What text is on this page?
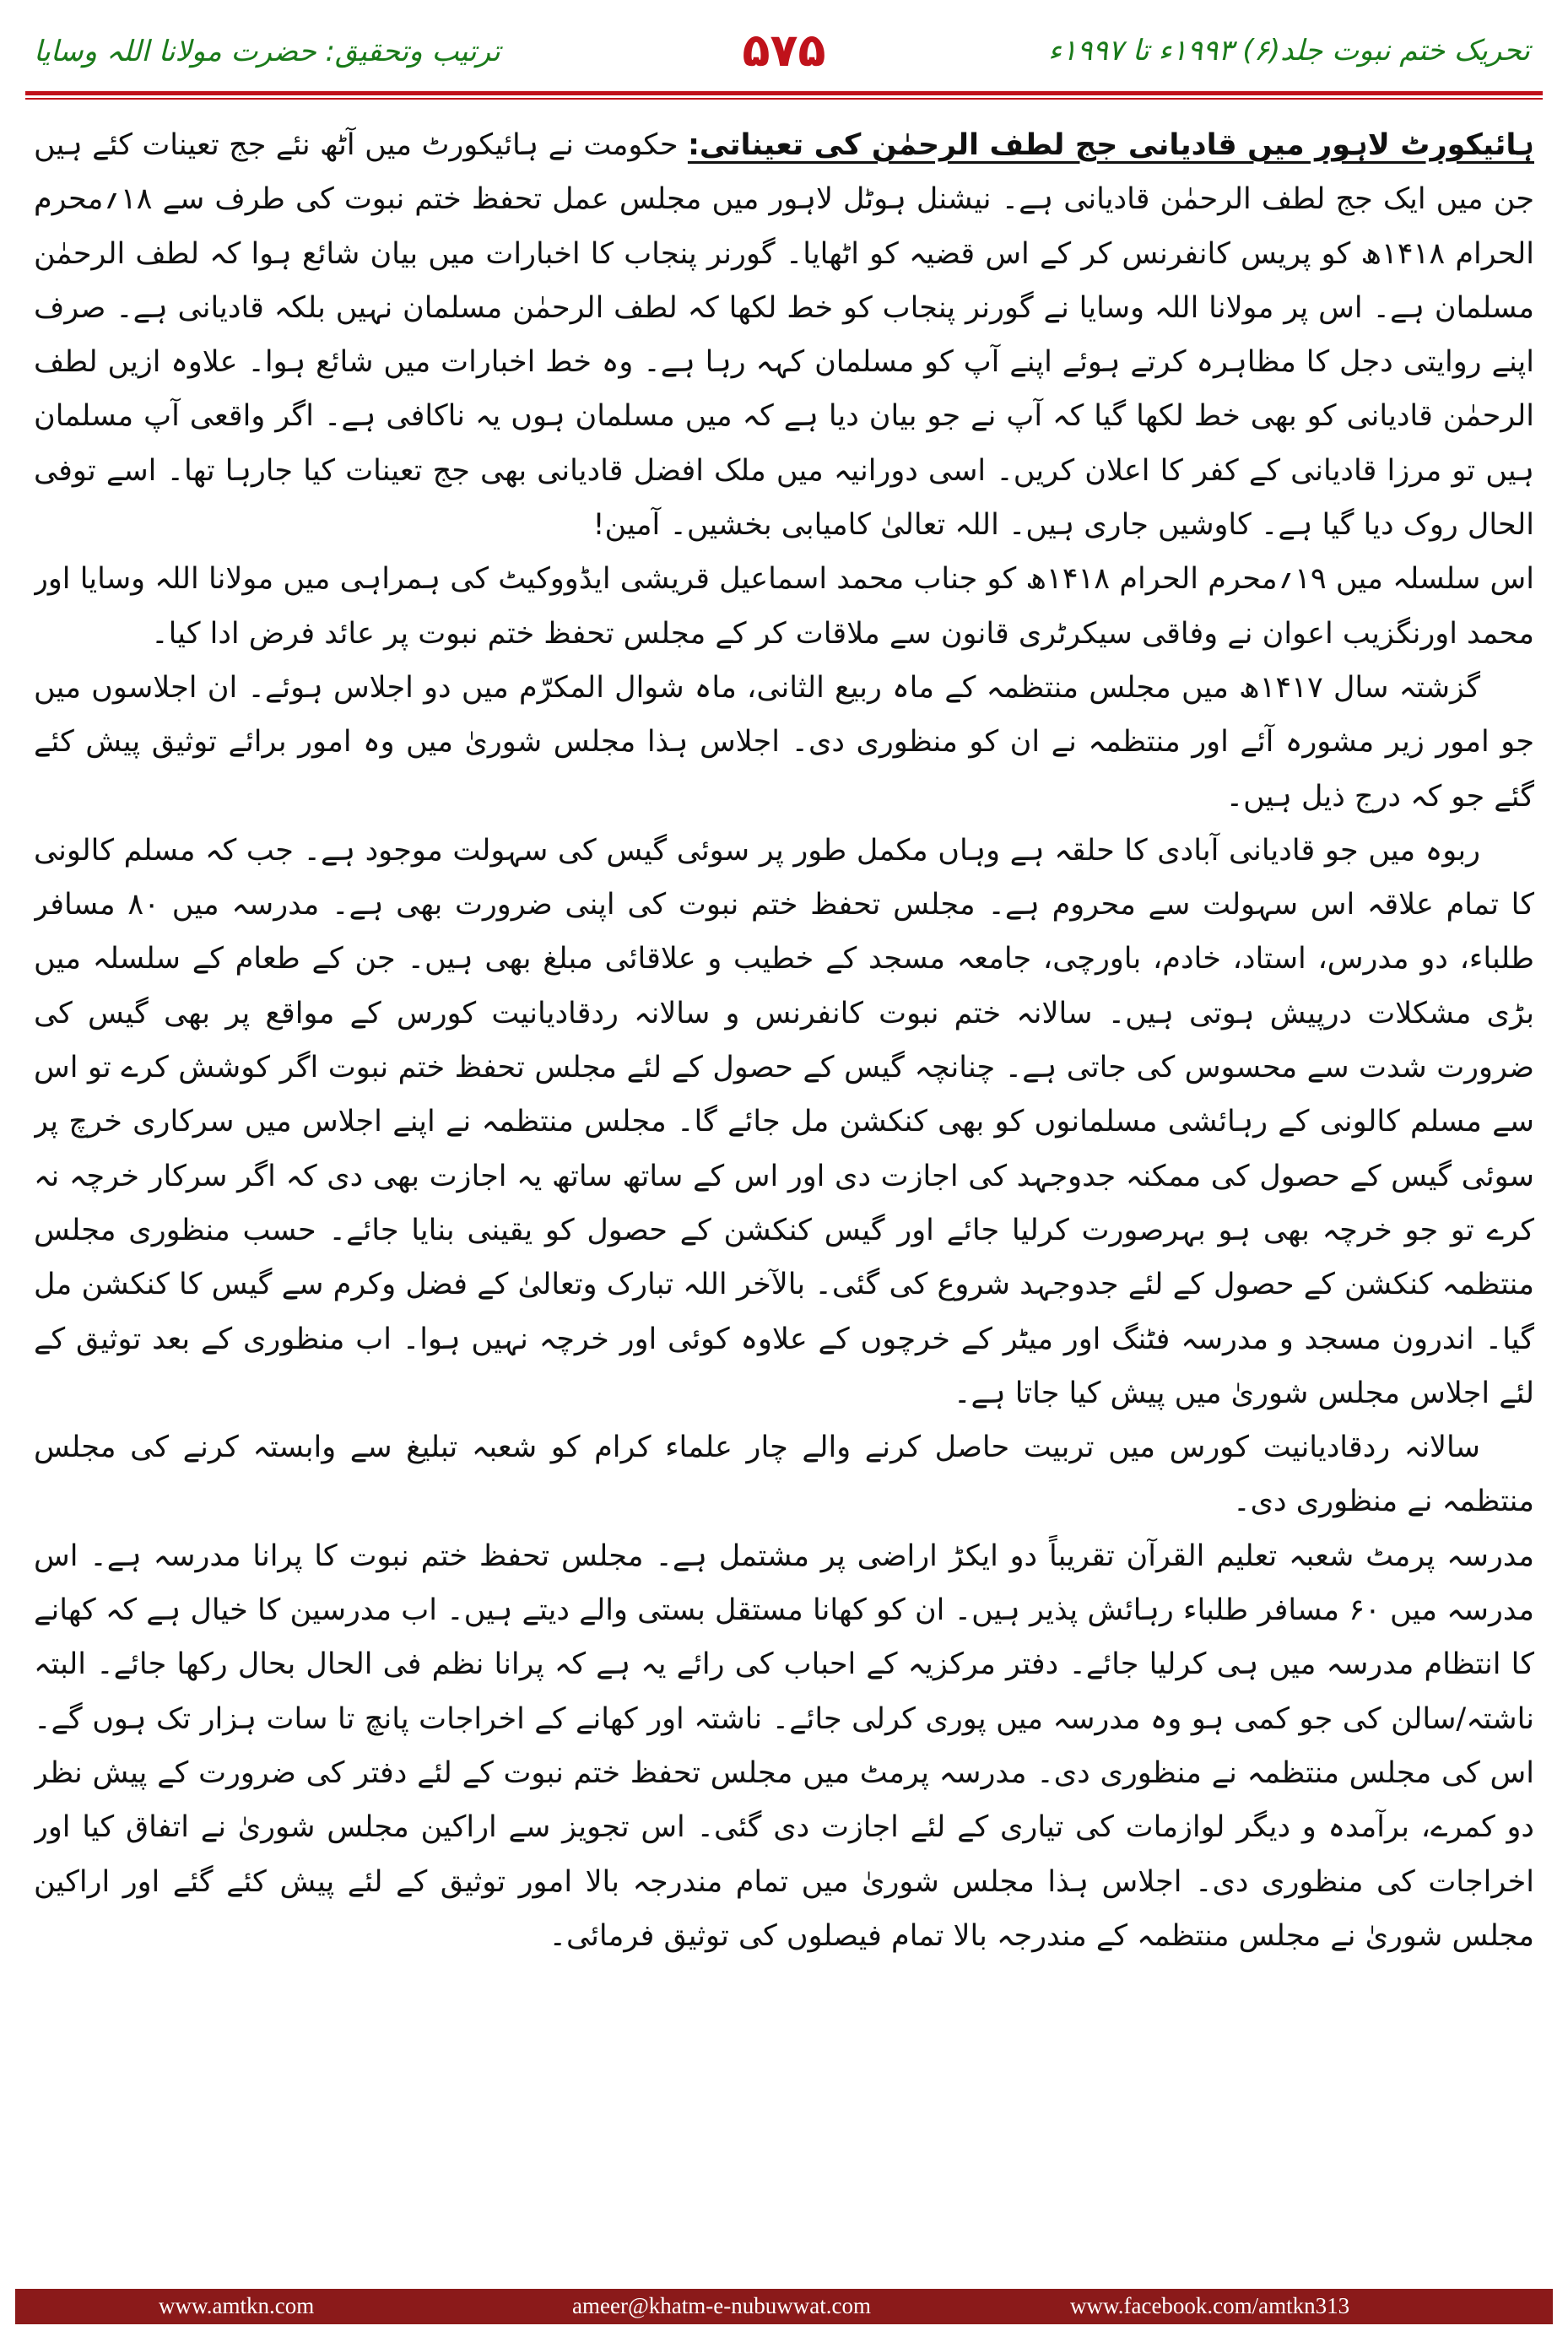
تحریک ختم نبوت جلد(۶) ۱۹۹۳ء تا ۱۹۹۷ء
۵۷۵
ترتیب وتحقیق: حضرت مولانا اللہ وسایا

ہائیکورٹ لاہور میں قادیانی جج لطف الرحمٰن کی تعیناتی: حکومت نے ہائیکورٹ میں آٹھ نئے جج تعینات کئے ہیں جن میں ایک جج لطف الرحمٰن قادیانی ہے۔ نیشنل ہوٹل لاہور میں مجلس عمل تحفظ ختم نبوت کی طرف سے ۱۸؍محرم الحرام ۱۴۱۸ھ کو پریس کانفرنس کر کے اس قضیہ کو اٹھایا۔ گورنر پنجاب کا اخبارات میں بیان شائع ہوا کہ لطف الرحمٰن مسلمان ہے۔ اس پر مولانا اللہ وسایا نے گورنر پنجاب کو خط لکھا کہ لطف الرحمٰن مسلمان نہیں بلکہ قادیانی ہے۔ صرف اپنے روایتی دجل کا مظاہرہ کرتے ہوئے اپنے آپ کو مسلمان کہہ رہا ہے۔ وہ خط اخبارات میں شائع ہوا۔ علاوہ ازیں لطف الرحمٰن قادیانی کو بھی خط لکھا گیا کہ آپ نے جو بیان دیا ہے کہ میں مسلمان ہوں یہ ناکافی ہے۔ اگر واقعی آپ مسلمان ہیں تو مرزا قادیانی کے کفر کا اعلان کریں۔ اسی دورانیہ میں ملک افضل قادیانی بھی جج تعینات کیا جارہا تھا۔ اسے توفی الحال روک دیا گیا ہے۔ کاوشیں جاری ہیں۔ اللہ تعالیٰ کامیابی بخشیں۔ آمین!

اس سلسلہ میں ۱۹؍محرم الحرام ۱۴۱۸ھ کو جناب محمد اسماعیل قریشی ایڈووکیٹ کی ہمراہی میں مولانا اللہ وسایا اور محمد اورنگزیب اعوان نے وفاقی سیکرٹری قانون سے ملاقات کر کے مجلس تحفظ ختم نبوت پر عائد فرض ادا کیا۔

گزشتہ سال ۱۴۱۷ھ میں مجلس منتظمہ کے ماہ ربیع الثانی، ماہ شوال المکرّم میں دو اجلاس ہوئے۔ ان اجلاسوں میں جو امور زیر مشورہ آئے اور منتظمہ نے ان کو منظوری دی۔ اجلاس ہذا مجلس شوریٰ میں وہ امور برائے توثیق پیش کئے گئے جو کہ درج ذیل ہیں۔

ربوہ میں جو قادیانی آبادی کا حلقہ ہے وہاں مکمل طور پر سوئی گیس کی سہولت موجود ہے۔ جب کہ مسلم کالونی کا تمام علاقہ اس سہولت سے محروم ہے۔ مجلس تحفظ ختم نبوت کی اپنی ضرورت بھی ہے۔ مدرسہ میں ۸۰ مسافر طلباء، دو مدرس، استاد، خادم، باورچی، جامعہ مسجد کے خطیب و علاقائی مبلغ بھی ہیں۔ جن کے طعام کے سلسلہ میں بڑی مشکلات درپیش ہوتی ہیں۔ سالانہ ختم نبوت کانفرنس و سالانہ ردقادیانیت کورس کے مواقع پر بھی گیس کی ضرورت شدت سے محسوس کی جاتی ہے۔ چنانچہ گیس کے حصول کے لئے مجلس تحفظ ختم نبوت اگر کوشش کرے تو اس سے مسلم کالونی کے رہائشی مسلمانوں کو بھی کنکشن مل جائے گا۔ مجلس منتظمہ نے اپنے اجلاس میں سرکاری خرچ پر سوئی گیس کے حصول کی ممکنہ جدوجہد کی اجازت دی اور اس کے ساتھ ساتھ یہ اجازت بھی دی کہ اگر سرکار خرچہ نہ کرے تو جو خرچہ بھی ہو بہرصورت کرلیا جائے اور گیس کنکشن کے حصول کو یقینی بنایا جائے۔ حسب منظوری مجلس منتظمہ کنکشن کے حصول کے لئے جدوجہد شروع کی گئی۔ بالآخر اللہ تبارک وتعالیٰ کے فضل وکرم سے گیس کا کنکشن مل گیا۔ اندرون مسجد و مدرسہ فٹنگ اور میٹر کے خرچوں کے علاوہ کوئی اور خرچہ نہیں ہوا۔ اب منظوری کے بعد توثیق کے لئے اجلاس مجلس شوریٰ میں پیش کیا جاتا ہے۔

سالانہ ردقادیانیت کورس میں تربیت حاصل کرنے والے چار علماء کرام کو شعبہ تبلیغ سے وابستہ کرنے کی مجلس منتظمہ نے منظوری دی۔

مدرسہ پرمٹ شعبہ تعلیم القرآن تقریباً دو ایکڑ اراضی پر مشتمل ہے۔ مجلس تحفظ ختم نبوت کا پرانا مدرسہ ہے۔ اس مدرسہ میں ۶۰ مسافر طلباء رہائش پذیر ہیں۔ ان کو کھانا مستقل بستی والے دیتے ہیں۔ اب مدرسین کا خیال ہے کہ کھانے کا انتظام مدرسہ میں ہی کرلیا جائے۔ دفتر مرکزیہ کے احباب کی رائے یہ ہے کہ پرانا نظم فی الحال بحال رکھا جائے۔ البتہ ناشتہ/سالن کی جو کمی ہو وہ مدرسہ میں پوری کرلی جائے۔ ناشتہ اور کھانے کے اخراجات پانچ تا سات ہزار تک ہوں گے۔ اس کی مجلس منتظمہ نے منظوری دی۔ مدرسہ پرمٹ میں مجلس تحفظ ختم نبوت کے لئے دفتر کی ضرورت کے پیش نظر دو کمرے، برآمدہ و دیگر لوازمات کی تیاری کے لئے اجازت دی گئی۔ اس تجویز سے اراکین مجلس شوریٰ نے اتفاق کیا اور اخراجات کی منظوری دی۔ اجلاس ہذا مجلس شوریٰ میں تمام مندرجہ بالا امور توثیق کے لئے پیش کئے گئے اور اراکین مجلس شوریٰ نے مجلس منتظمہ کے مندرجہ بالا تمام فیصلوں کی توثیق فرمائی۔

www.amtkn.com	ameer@khatm-e-nubuwwat.com	www.facebook.com/amtkn313
